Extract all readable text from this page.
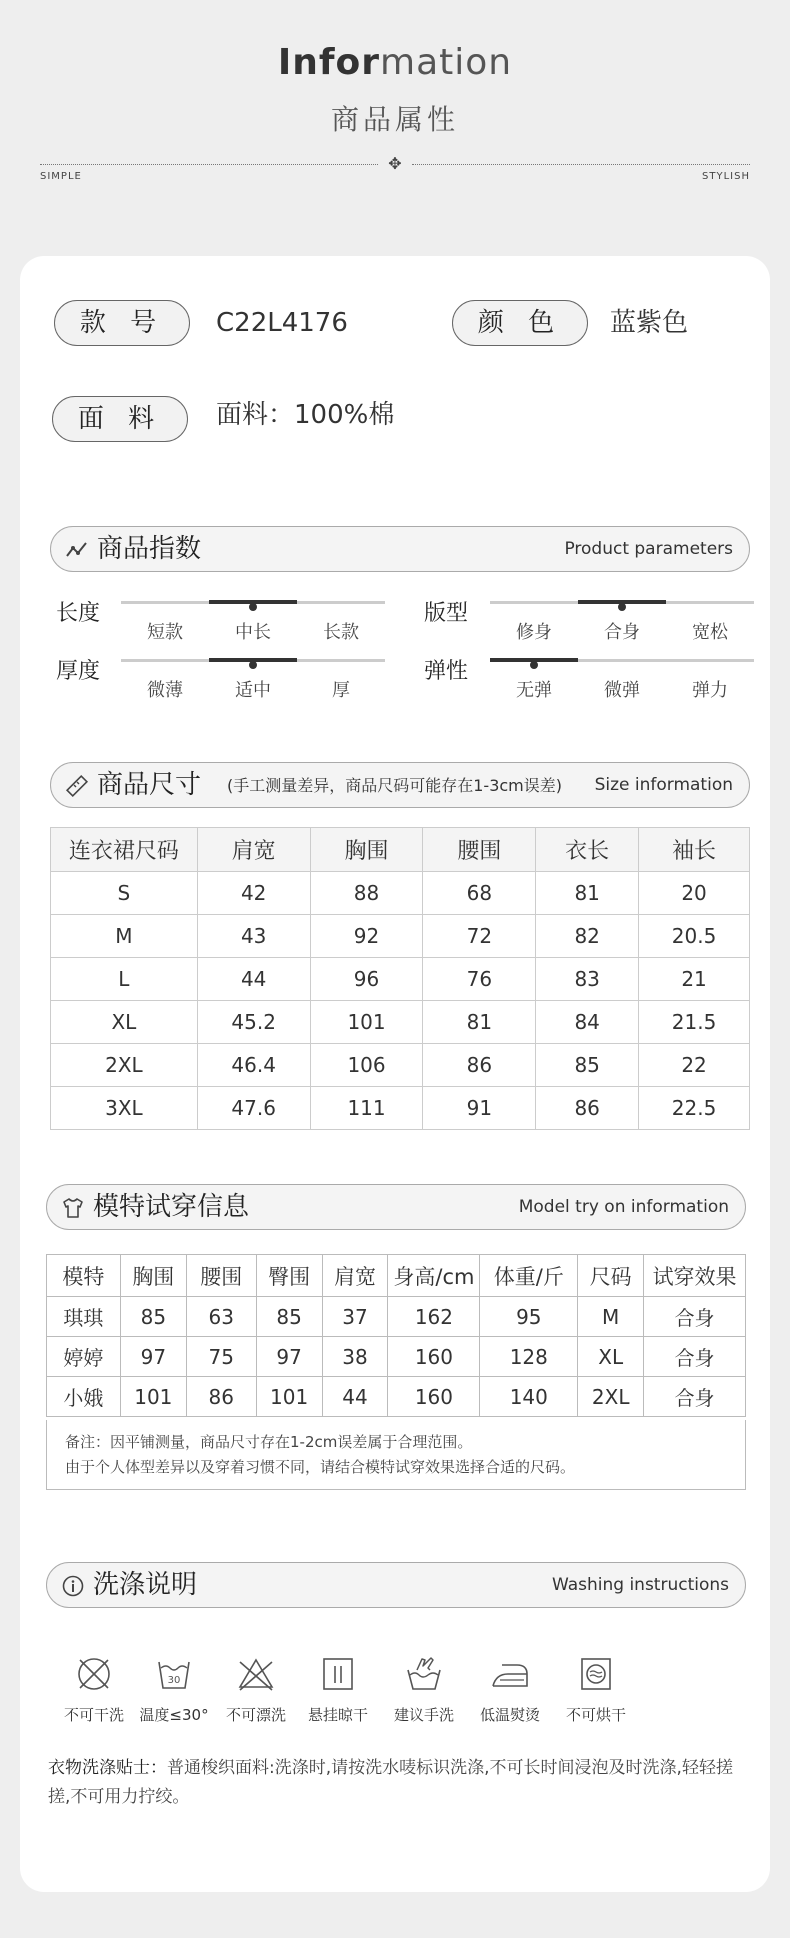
Information
商品属性
✥
SIMPLE	STYLISH
款 号	C22L4176	颜 色	蓝紫色
面 料	面料：100%棉
商品指数	Product parameters
长度
短款	中长	长款
版型
修身	合身	宽松
厚度
微薄	适中	厚
弹性
无弹	微弹	弹力
商品尺寸 (手工测量差异，商品尺码可能存在1-3cm误差) Size information
连衣裙尺码	肩宽	胸围	腰围	衣长	袖长
S	42	88	68	81	20
M	43	92	72	82	20.5
L	44	96	76	83	21
XL	45.2	101	81	84	21.5
2XL	46.4	106	86	85	22
3XL	47.6	111	91	86	22.5
模特试穿信息	Model try on information
模特	胸围	腰围	臀围	肩宽	身高/cm	体重/斤	尺码	试穿效果
琪琪	85	63	85	37	162	95	M	合身
婷婷	97	75	97	38	160	128	XL	合身
小娥	101	86	101	44	160	140	2XL	合身
备注：因平铺测量，商品尺寸存在1-2cm误差属于合理范围。
由于个人体型差异以及穿着习惯不同，请结合模特试穿效果选择合适的尺码。
洗涤说明	Washing instructions
不可干洗
30
温度≤30°	不可漂洗	悬挂晾干	建议手洗	低温熨烫	不可烘干
衣物洗涤贴士：普通梭织面料:洗涤时,请按洗水唛标识洗涤,不可长时间浸泡及时洗涤,轻轻搓搓,不可用力拧绞。
